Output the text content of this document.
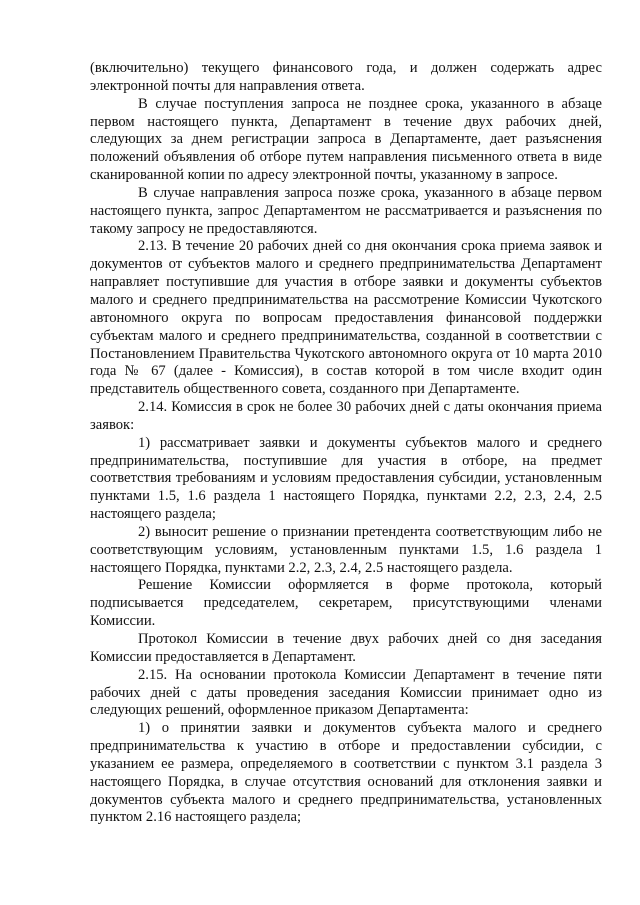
(включительно) текущего финансового года, и должен содержать адрес электронной почты для направления ответа.

В случае поступления запроса не позднее срока, указанного в абзаце первом настоящего пункта, Департамент в течение двух рабочих дней, следующих за днем регистрации запроса в Департаменте, дает разъяснения положений объявления об отборе путем направления письменного ответа в виде сканированной копии по адресу электронной почты, указанному в запросе.

В случае направления запроса позже срока, указанного в абзаце первом настоящего пункта, запрос Департаментом не рассматривается и разъяснения по такому запросу не предоставляются.

2.13. В течение 20 рабочих дней со дня окончания срока приема заявок и документов от субъектов малого и среднего предпринимательства Департамент направляет поступившие для участия в отборе заявки и документы субъектов малого и среднего предпринимательства на рассмотрение Комиссии Чукотского автономного округа по вопросам предоставления финансовой поддержки субъектам малого и среднего предпринимательства, созданной в соответствии с Постановлением Правительства Чукотского автономного округа от 10 марта 2010 года № 67 (далее - Комиссия), в состав которой в том числе входит один представитель общественного совета, созданного при Департаменте.

2.14. Комиссия в срок не более 30 рабочих дней с даты окончания приема заявок:

1) рассматривает заявки и документы субъектов малого и среднего предпринимательства, поступившие для участия в отборе, на предмет соответствия требованиям и условиям предоставления субсидии, установленным пунктами 1.5, 1.6 раздела 1 настоящего Порядка, пунктами 2.2, 2.3, 2.4, 2.5 настоящего раздела;

2) выносит решение о признании претендента соответствующим либо не соответствующим условиям, установленным пунктами 1.5, 1.6 раздела 1 настоящего Порядка, пунктами 2.2, 2.3, 2.4, 2.5 настоящего раздела.

Решение Комиссии оформляется в форме протокола, который подписывается председателем, секретарем, присутствующими членами Комиссии.

Протокол Комиссии в течение двух рабочих дней со дня заседания Комиссии предоставляется в Департамент.

2.15. На основании протокола Комиссии Департамент в течение пяти рабочих дней с даты проведения заседания Комиссии принимает одно из следующих решений, оформленное приказом Департамента:

1) о принятии заявки и документов субъекта малого и среднего предпринимательства к участию в отборе и предоставлении субсидии, с указанием ее размера, определяемого в соответствии с пунктом 3.1 раздела 3 настоящего Порядка, в случае отсутствия оснований для отклонения заявки и документов субъекта малого и среднего предпринимательства, установленных пунктом 2.16 настоящего раздела;
